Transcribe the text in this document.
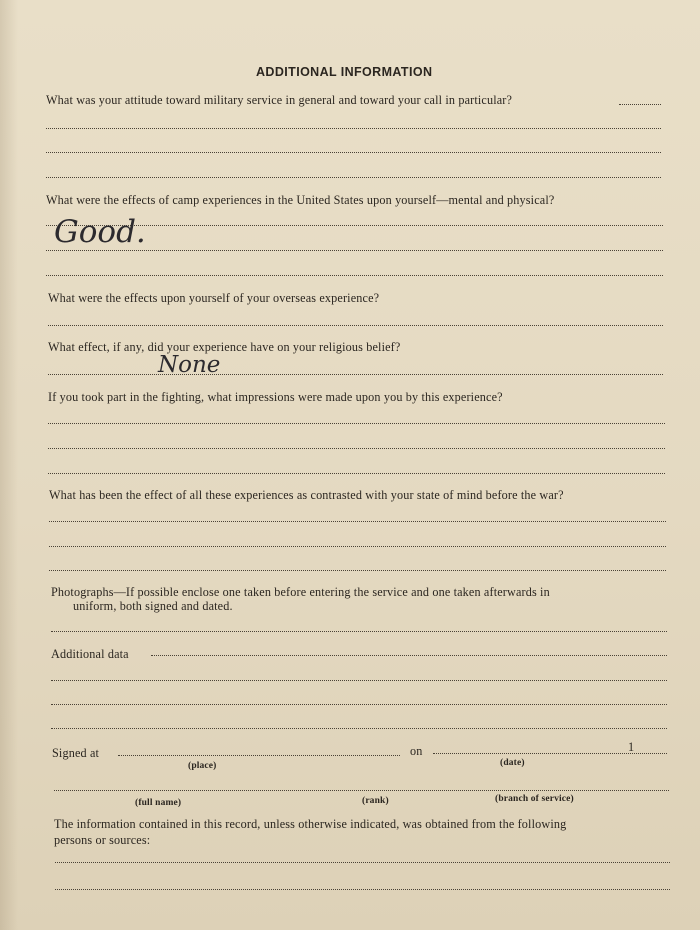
ADDITIONAL INFORMATION
What was your attitude toward military service in general and toward your call in particular?
What were the effects of camp experiences in the United States upon yourself—mental and physical?
Good.
What were the effects upon yourself of your overseas experience?
What effect, if any, did your experience have on your religious belief?
None
If you took part in the fighting, what impressions were made upon you by this experience?
What has been the effect of all these experiences as contrasted with your state of mind before the war?
Photographs—If possible enclose one taken before entering the service and one taken afterwards in
uniform, both signed and dated.
Additional data
Signed at
(place)
on	1
(date)
(full name)	(rank)	(branch of service)
The information contained in this record, unless otherwise indicated, was obtained from the following
persons or sources:
